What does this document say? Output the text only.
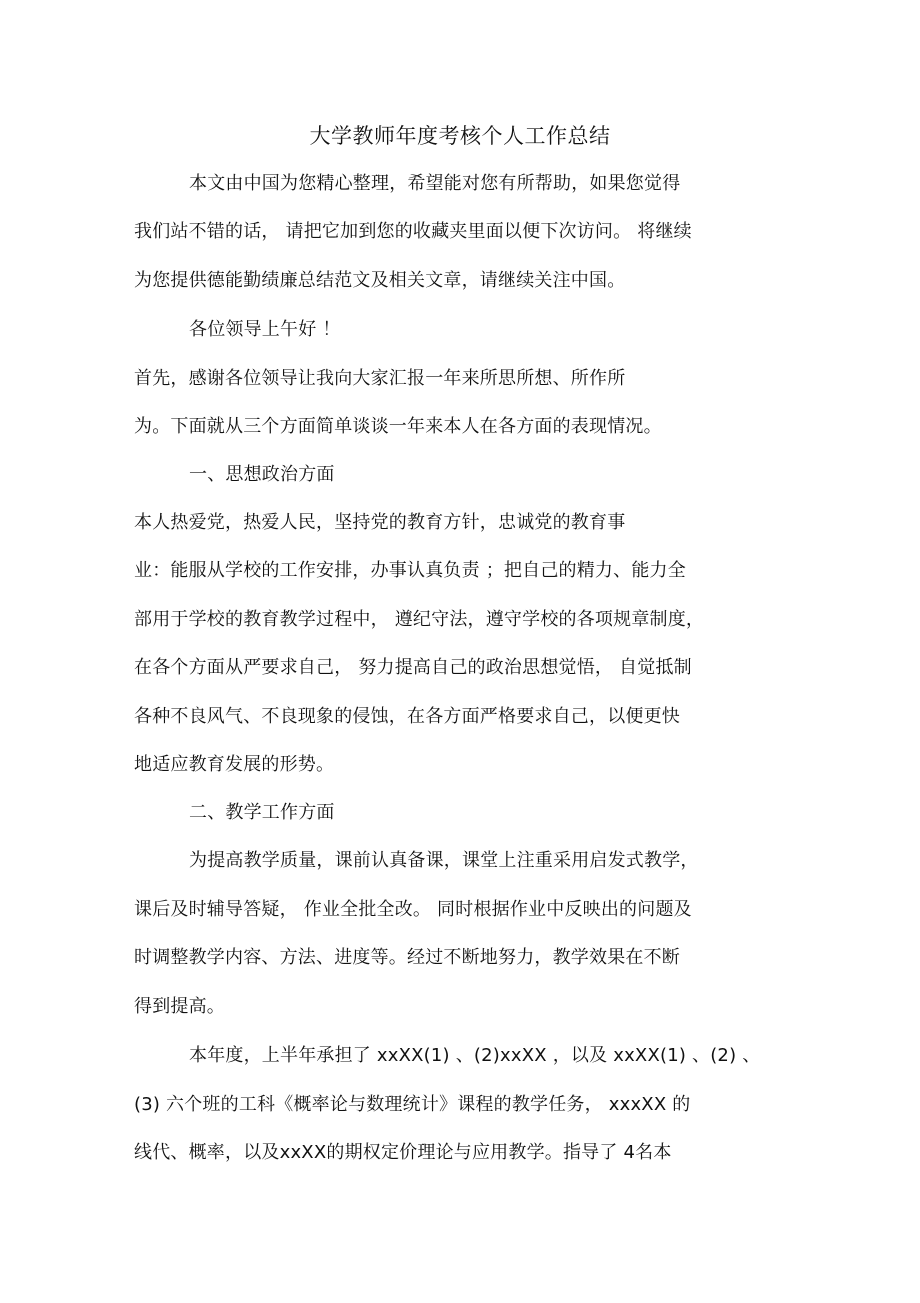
大学教师年度考核个人工作总结
本文由中国为您精心整理，希望能对您有所帮助，如果您觉得
我们站不错的话， 请把它加到您的收藏夹里面以便下次访问。 将继续
为您提供德能勤绩廉总结范文及相关文章，请继续关注中国。
各位领导上午好 ！
首先，感谢各位领导让我向大家汇报一年来所思所想、所作所
为。下面就从三个方面简单谈谈一年来本人在各方面的表现情况。
一、思想政治方面
本人热爱党，热爱人民，坚持党的教育方针，忠诚党的教育事
业：能服从学校的工作安排，办事认真负责 ；把自己的精力、能力全
部用于学校的教育教学过程中， 遵纪守法，遵守学校的各项规章制度，
在各个方面从严要求自己， 努力提高自己的政治思想觉悟， 自觉抵制
各种不良风气、不良现象的侵蚀，在各方面严格要求自己，以便更快
地适应教育发展的形势。
二、教学工作方面
为提高教学质量，课前认真备课，课堂上注重采用启发式教学，
课后及时辅导答疑， 作业全批全改。 同时根据作业中反映出的问题及
时调整教学内容、方法、进度等。经过不断地努力，教学效果在不断
得到提高。
本年度，上半年承担了 xxXX(1) 、(2)xxXX ，以及 xxXX(1) 、(2) 、
(3) 六个班的工科《概率论与数理统计》课程的教学任务， xxxXX 的
线代、概率，以及xxXX的期权定价理论与应用教学。指导了 4名本
